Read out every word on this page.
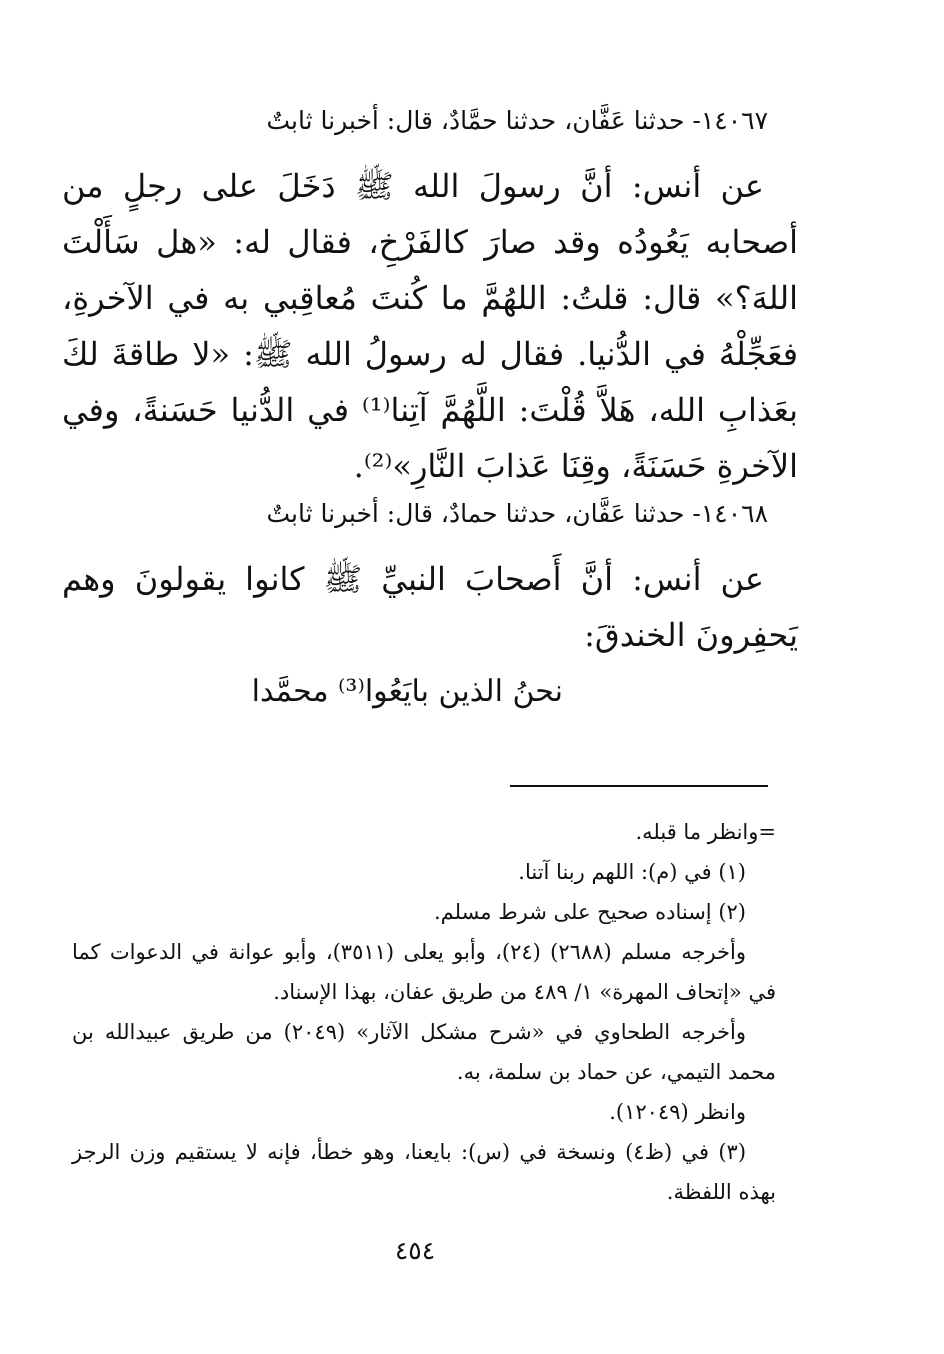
١٤٠٦٧- حدثنا عَفَّان، حدثنا حمَّادٌ، قال: أخبرنا ثابتٌ

عن أنس: أنَّ رسولَ الله ﷺ دَخَلَ على رجلٍ من أصحابه يَعُودُه وقد صارَ كالفَرْخِ، فقال له: «هل سَأَلْتَ اللهَ؟» قال: قلتُ: اللهُمَّ ما كُنتَ مُعاقِبي به في الآخرةِ، فعَجِّلْهُ في الدُّنيا. فقال له رسولُ الله ﷺ: «لا طاقةَ لكَ بعَذابِ الله، هَلاَّ قُلْتَ: اللَّهُمَّ آتِنا⁽¹⁾ في الدُّنيا حَسَنةً، وفي الآخرةِ حَسَنَةً، وقِنَا عَذابَ النَّارِ»⁽²⁾.

١٤٠٦٨- حدثنا عَفَّان، حدثنا حمادٌ، قال: أخبرنا ثابتٌ

عن أنس: أنَّ أَصحابَ النبيِّ ﷺ كانوا يقولونَ وهم يَحفِرونَ الخندقَ:

نحنُ الذين بايَعُوا⁽³⁾ محمَّدا

=وانظر ما قبله.

(١) في (م): اللهم ربنا آتنا.

(٢) إسناده صحيح على شرط مسلم.

وأخرجه مسلم (٢٦٨٨) (٢٤)، وأبو يعلى (٣٥١١)، وأبو عوانة في الدعوات كما في «إتحاف المهرة» ١/ ٤٨٩ من طريق عفان، بهذا الإسناد.

وأخرجه الطحاوي في «شرح مشكل الآثار» (٢٠٤٩) من طريق عبيدالله بن محمد التيمي، عن حماد بن سلمة، به.

وانظر (١٢٠٤٩).

(٣) في (ظ٤) ونسخة في (س): بايعنا، وهو خطأ، فإنه لا يستقيم وزن الرجز بهذه اللفظة.

٤٥٤
